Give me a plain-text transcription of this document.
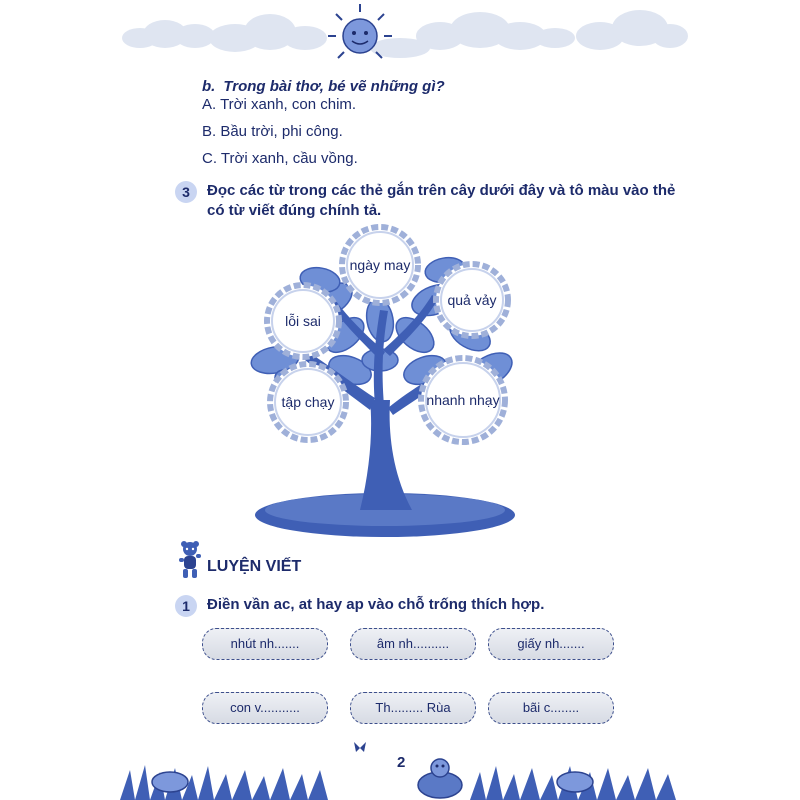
b. Trong bài thơ, bé vẽ những gì?
A. Trời xanh, con chim.
B. Bầu trời, phi công.
C. Trời xanh, cầu vồng.
3	Đọc các từ trong các thẻ gắn trên cây dưới đây và tô màu vào thẻ
có từ viết đúng chính tả.
ngày may
quả vảy
lỗi sai
tập chạy	nhanh nhạy
LUYỆN VIẾT
1	Điền vần ac, at hay ap vào chỗ trống thích hợp.
nhút nh.......	âm nh..........	giấy nh.......
con v...........	Th......... Rùa	bãi c........
2
